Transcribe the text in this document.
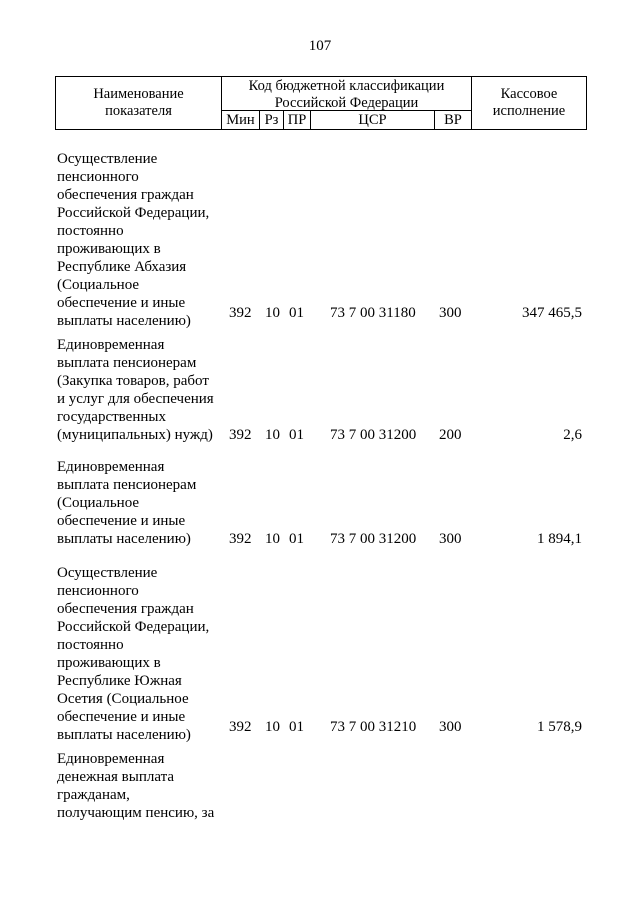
107
Наименование
показателя
Код бюджетной классификации
Российской Федерации
Кассовое
исполнение
Мин Рз ПР	ЦСР	ВР
Осуществление
пенсионного
обеспечения граждан
Российской Федерации,
постоянно
проживающих в
Республике Абхазия
(Социальное
обеспечение и иные
выплаты населению)	392 10 01 73 7 00 31180 300	347 465,5
Единовременная
выплата пенсионерам
(Закупка товаров, работ
и услуг для обеспечения
государственных
(муниципальных) нужд)	392 10 01 73 7 00 31200 200	2,6
Единовременная
выплата пенсионерам
(Социальное
обеспечение и иные
выплаты населению)	392 10 01 73 7 00 31200 300	1 894,1
Осуществление
пенсионного
обеспечения граждан
Российской Федерации,
постоянно
проживающих в
Республике Южная
Осетия (Социальное
обеспечение и иные
выплаты населению)	392 10 01 73 7 00 31210 300	1 578,9
Единовременная
денежная выплата
гражданам,
получающим пенсию, за
